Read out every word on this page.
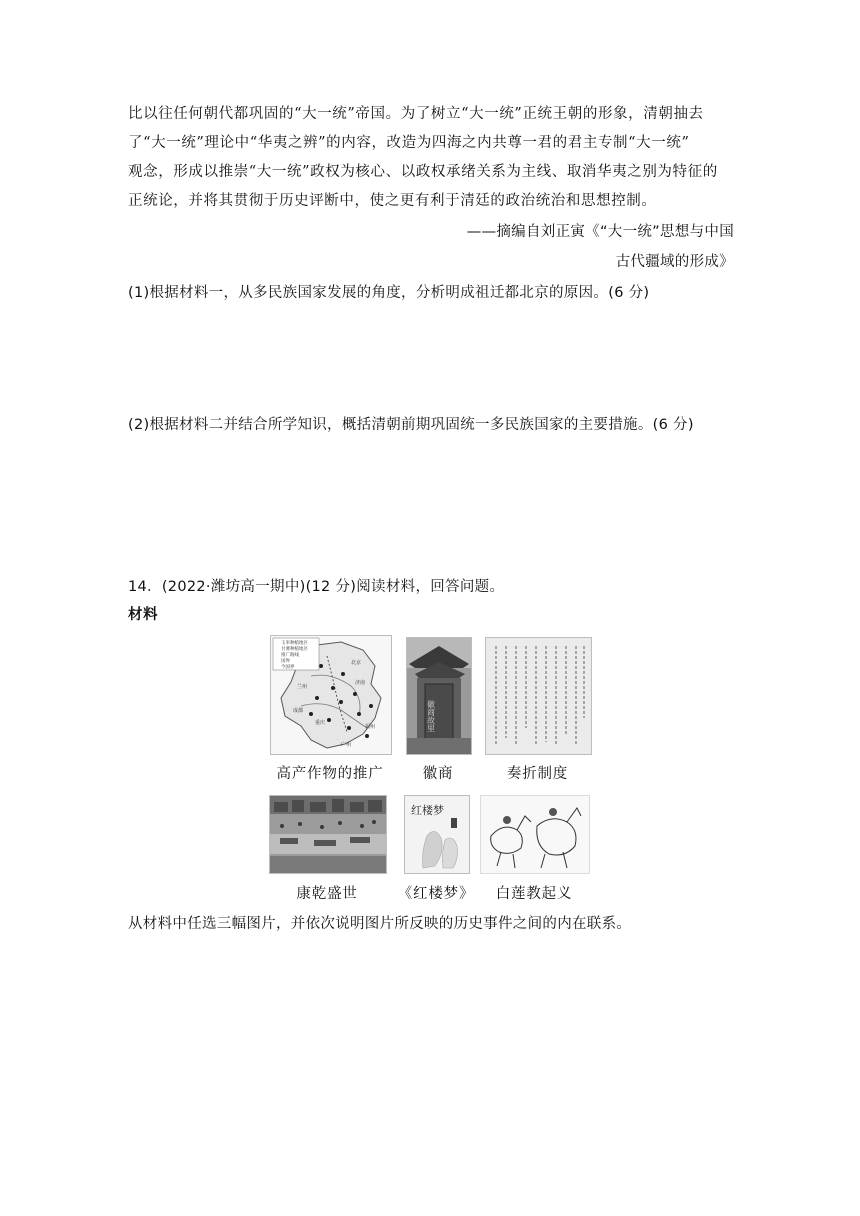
比以往任何朝代都巩固的“大一统”帝国。为了树立“大一统”正统王朝的形象，清朝抽去
了“大一统”理论中“华夷之辨”的内容，改造为四海之内共尊一君的君主专制“大一统”
观念，形成以推崇“大一统”政权为核心、以政权承绪关系为主线、取消华夷之别为特征的
正统论，并将其贯彻于历史评断中，使之更有利于清廷的政治统治和思想控制。
——摘编自刘正寅《“大一统”思想与中国
古代疆域的形成》
(1)根据材料一，从多民族国家发展的角度，分析明成祖迁都北京的原因。(6 分)
(2)根据材料二并结合所学知识，概括清朝前期巩固统一多民族国家的主要措施。(6 分)
14．(2022·潍坊高一期中)(12 分)阅读材料，回答问题。
材料
玉米种植地区
甘薯种植地区
推广路线
国界
今国界
北京
兰州
济南
成都
重庆
广州
福州	徽商故里
高产作物的推广	徽商	奏折制度
红楼梦
康乾盛世	《红楼梦》	白莲教起义
从材料中任选三幅图片，并依次说明图片所反映的历史事件之间的内在联系。
